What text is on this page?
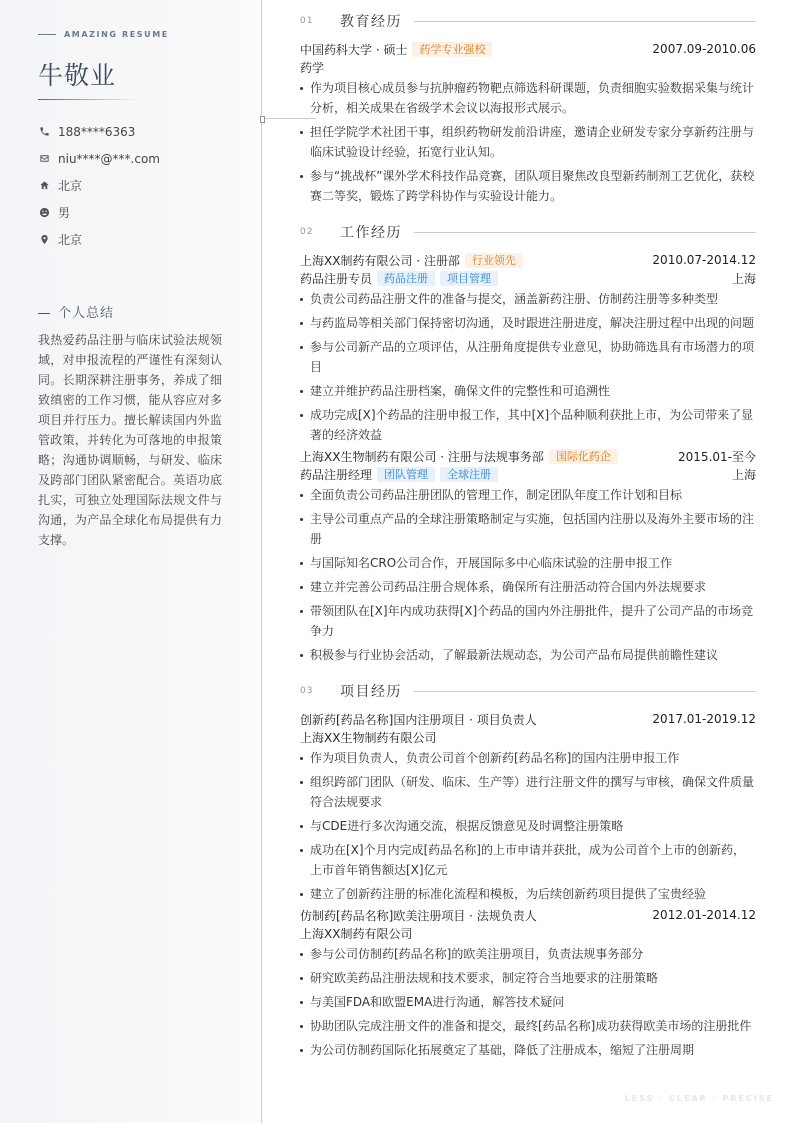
AMAZING RESUME
牛敬业
188****6363
niu****@***.com
北京
男
北京
个人总结
我热爱药品注册与临床试验法规领域，对申报流程的严谨性有深刻认同。长期深耕注册事务，养成了细致缜密的工作习惯，能从容应对多项目并行压力。擅长解读国内外监管政策，并转化为可落地的申报策略；沟通协调顺畅，与研发、临床及跨部门团队紧密配合。英语功底扎实，可独立处理国际法规文件与沟通，为产品全球化布局提供有力支撑。
01	教育经历
中国药科大学 · 硕士	药学专业强校	2007.09-2010.06
药学
作为项目核心成员参与抗肿瘤药物靶点筛选科研课题，负责细胞实验数据采集与统计分析，相关成果在省级学术会议以海报形式展示。
担任学院学术社团干事，组织药物研发前沿讲座，邀请企业研发专家分享新药注册与临床试验设计经验，拓宽行业认知。
参与“挑战杯”课外学术科技作品竞赛，团队项目聚焦改良型新药制剂工艺优化，获校赛二等奖，锻炼了跨学科协作与实验设计能力。
02	工作经历
上海XX制药有限公司 · 注册部	行业领先	2010.07-2014.12
药品注册专员	药品注册	项目管理	上海
负责公司药品注册文件的准备与提交，涵盖新药注册、仿制药注册等多种类型
与药监局等相关部门保持密切沟通，及时跟进注册进度，解决注册过程中出现的问题
参与公司新产品的立项评估，从注册角度提供专业意见，协助筛选具有市场潜力的项目
建立并维护药品注册档案，确保文件的完整性和可追溯性
成功完成[X]个药品的注册申报工作，其中[X]个品种顺利获批上市，为公司带来了显著的经济效益
上海XX生物制药有限公司 · 注册与法规事务部	国际化药企	2015.01-至今
药品注册经理	团队管理	全球注册	上海
全面负责公司药品注册团队的管理工作，制定团队年度工作计划和目标
主导公司重点产品的全球注册策略制定与实施，包括国内注册以及海外主要市场的注册
与国际知名CRO公司合作，开展国际多中心临床试验的注册申报工作
建立并完善公司药品注册合规体系，确保所有注册活动符合国内外法规要求
带领团队在[X]年内成功获得[X]个药品的国内外注册批件，提升了公司产品的市场竞争力
积极参与行业协会活动，了解最新法规动态，为公司产品布局提供前瞻性建议
03	项目经历
创新药[药品名称]国内注册项目 · 项目负责人	2017.01-2019.12
上海XX生物制药有限公司
作为项目负责人，负责公司首个创新药[药品名称]的国内注册申报工作
组织跨部门团队（研发、临床、生产等）进行注册文件的撰写与审核，确保文件质量符合法规要求
与CDE进行多次沟通交流，根据反馈意见及时调整注册策略
成功在[X]个月内完成[药品名称]的上市申请并获批，成为公司首个上市的创新药，上市首年销售额达[X]亿元
建立了创新药注册的标准化流程和模板，为后续创新药项目提供了宝贵经验
仿制药[药品名称]欧美注册项目 · 法规负责人	2012.01-2014.12
上海XX制药有限公司
参与公司仿制药[药品名称]的欧美注册项目，负责法规事务部分
研究欧美药品注册法规和技术要求，制定符合当地要求的注册策略
与美国FDA和欧盟EMA进行沟通，解答技术疑问
协助团队完成注册文件的准备和提交，最终[药品名称]成功获得欧美市场的注册批件
为公司仿制药国际化拓展奠定了基础，降低了注册成本，缩短了注册周期
LESS · CLEAR · PRECISE
